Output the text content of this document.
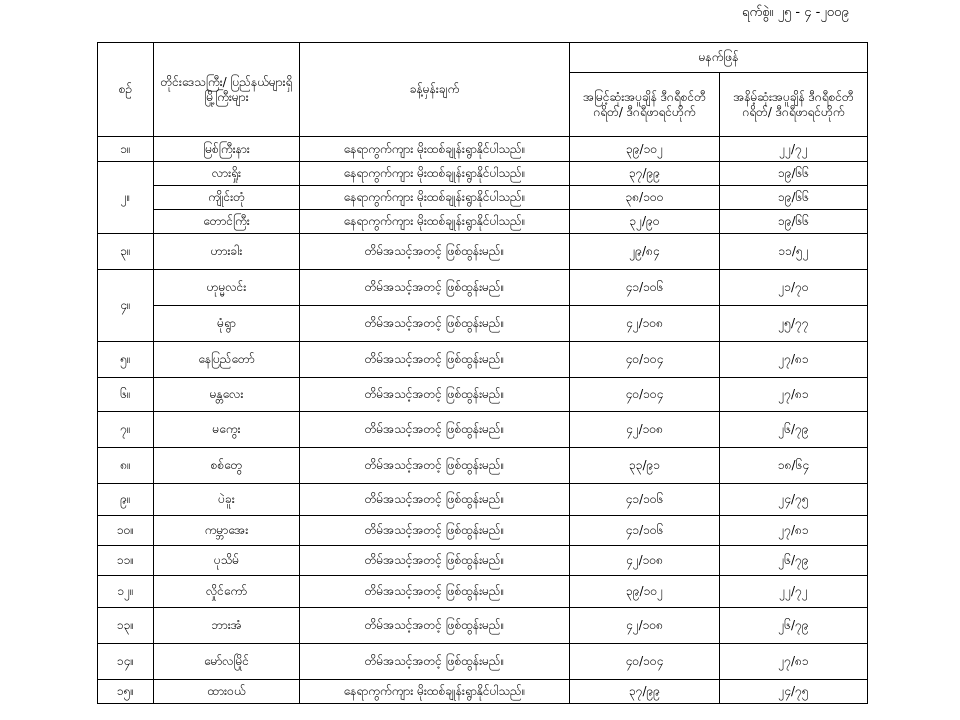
ရက်စွဲ။ ၂၅ - ၄ -၂၀၀၉
စဉ်	တိုင်းဒေသကြီး/ ပြည်နယ်များရှိ မြို့ကြီးများ	ခန့်မှန်းချက်	မနက်ဖြန်	
			အမြင့်ဆုံးအပူချိန် ဒီဂရီစင်တီဂရိတ်/ ဒီဂရီဖာရင်ဟိုက်	အနိမ့်ဆုံးအပူချိန် ဒီဂရီစင်တီဂရိတ်/ ဒီဂရီဖာရင်ဟိုက်
၁။	မြစ်ကြီးနား	နေရာကွက်ကျား မိုးထစ်ချုန်းရွာနိုင်ပါသည်။	၃၉/၁၀၂	၂၂/၇၂
၂။	လားရှိုး	နေရာကွက်ကျား မိုးထစ်ချုန်းရွာနိုင်ပါသည်။	၃၇/၉၉	၁၉/၆၆
	ကျိုင်းတုံ	နေရာကွက်ကျား မိုးထစ်ချုန်းရွာနိုင်ပါသည်။	၃၈/၁၀၀	၁၉/၆၆
	တောင်ကြီး	နေရာကွက်ကျား မိုးထစ်ချုန်းရွာနိုင်ပါသည်။	၃၂/၉၀	၁၉/၆၆
၃။	ဟားခါး	တိမ်အသင့်အတင့် ဖြစ်ထွန်းမည်။	၂၉/၈၄	၁၁/၅၂
၄။	ဟုမ္မလင်း	တိမ်အသင့်အတင့် ဖြစ်ထွန်းမည်။	၄၁/၁၀၆	၂၁/၇၀
	မုံရွာ	တိမ်အသင့်အတင့် ဖြစ်ထွန်းမည်။	၄၂/၁၀၈	၂၅/၇၇
၅။	နေပြည်တော်	တိမ်အသင့်အတင့် ဖြစ်ထွန်းမည်။	၄၀/၁၀၄	၂၇/၈၁
၆။	မန္တလေး	တိမ်အသင့်အတင့် ဖြစ်ထွန်းမည်။	၄၀/၁၀၄	၂၇/၈၁
၇။	မကွေး	တိမ်အသင့်အတင့် ဖြစ်ထွန်းမည်။	၄၂/၁၀၈	၂၆/၇၉
၈။	စစ်တွေ	တိမ်အသင့်အတင့် ဖြစ်ထွန်းမည်။	၃၃/၉၁	၁၈/၆၄
၉။	ပဲခူး	တိမ်အသင့်အတင့် ဖြစ်ထွန်းမည်။	၄၁/၁၀၆	၂၄/၇၅
၁၀။	ကမ္ဘာအေး	တိမ်အသင့်အတင့် ဖြစ်ထွန်းမည်။	၄၁/၁၀၆	၂၇/၈၁
၁၁။	ပုသိမ်	တိမ်အသင့်အတင့် ဖြစ်ထွန်းမည်။	၄၂/၁၀၈	၂၆/၇၉
၁၂။	လှိုင်ကော်	တိမ်အသင့်အတင့် ဖြစ်ထွန်းမည်။	၃၉/၁၀၂	၂၂/၇၂
၁၃။	ဘားအံ	တိမ်အသင့်အတင့် ဖြစ်ထွန်းမည်။	၄၂/၁၀၈	၂၆/၇၉
၁၄။	မော်လမြိုင်	တိမ်အသင့်အတင့် ဖြစ်ထွန်းမည်။	၄၀/၁၀၄	၂၇/၈၁
၁၅။	ထားဝယ်	နေရာကွက်ကျား မိုးထစ်ချုန်းရွာနိုင်ပါသည်။	၃၇/၉၉	၂၄/၇၅
